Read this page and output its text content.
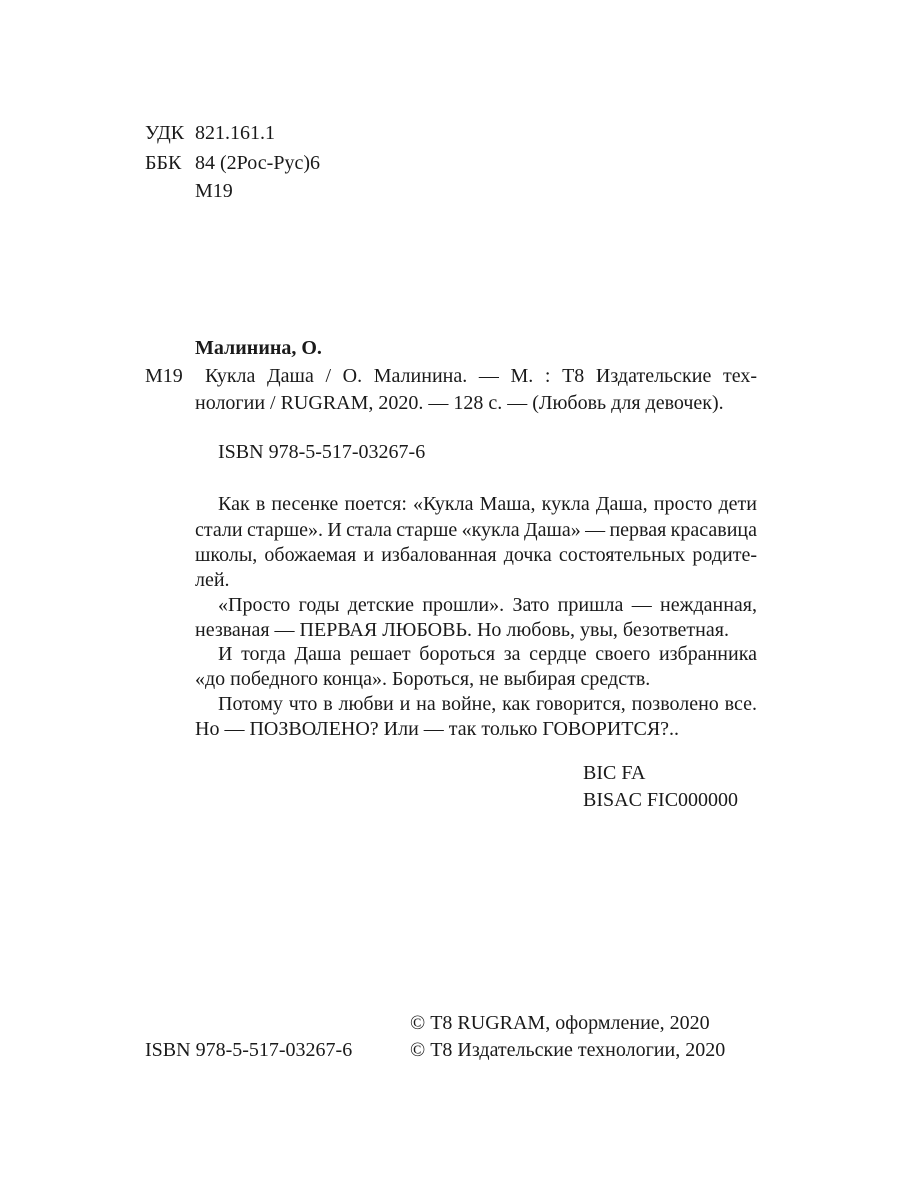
УДК 821.161.1
ББК 84 (2Рос-Рус)6
М19
Малинина, О.
М19 Кукла Даша / О. Малинина. — М. : Т8 Издательские тех-
нологии / RUGRAM, 2020. — 128 с. — (Любовь для девочек).
ISBN 978-5-517-03267-6
Как в песенке поется: «Кукла Маша, кукла Даша, просто дети
стали старше». И стала старше «кукла Даша» — первая красавица
школы, обожаемая и избалованная дочка состоятельных родите-
лей.
«Просто годы детские прошли». Зато пришла — нежданная,
незваная — ПЕРВАЯ ЛЮБОВЬ. Но любовь, увы, безответная.
И тогда Даша решает бороться за сердце своего избранника
«до победного конца». Бороться, не выбирая средств.
Потому что в любви и на войне, как говорится, позволено все.
Но — ПОЗВОЛЕНО? Или — так только ГОВОРИТСЯ?..
BIC FA
BISAC FIC000000
© Т8 RUGRAM, оформление, 2020
ISBN 978-5-517-03267-6	© Т8 Издательские технологии, 2020
